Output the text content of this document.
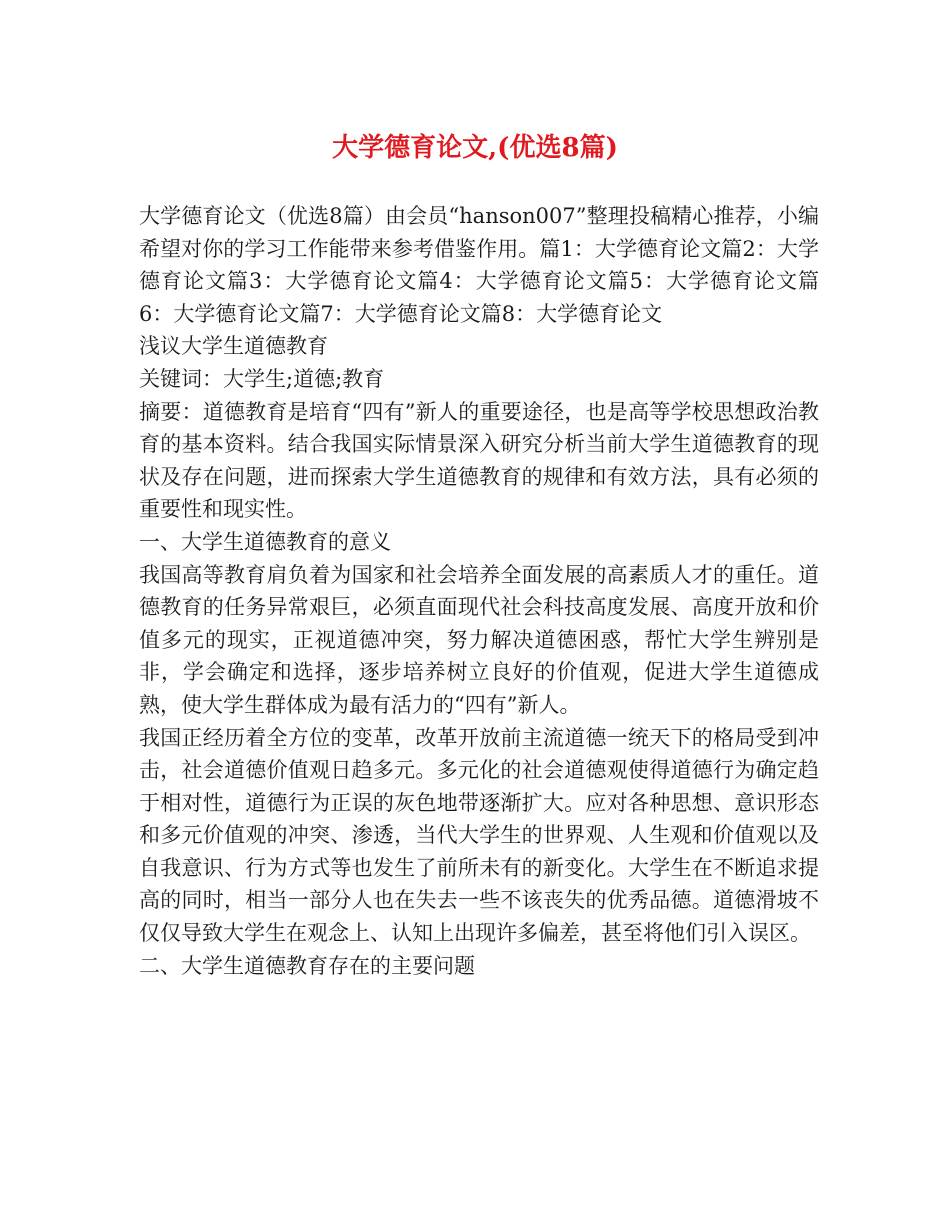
大学德育论文,(优选8篇)

大学德育论文（优选8篇）由会员“hanson007”整理投稿精心推荐，小编希望对你的学习工作能带来参考借鉴作用。篇1：大学德育论文篇2：大学德育论文篇3：大学德育论文篇4：大学德育论文篇5：大学德育论文篇6：大学德育论文篇7：大学德育论文篇8：大学德育论文

浅议大学生道德教育

关键词：大学生;道德;教育

摘要：道德教育是培育“四有”新人的重要途径，也是高等学校思想政治教育的基本资料。结合我国实际情景深入研究分析当前大学生道德教育的现状及存在问题，进而探索大学生道德教育的规律和有效方法，具有必须的重要性和现实性。

一、大学生道德教育的意义

我国高等教育肩负着为国家和社会培养全面发展的高素质人才的重任。道德教育的任务异常艰巨，必须直面现代社会科技高度发展、高度开放和价值多元的现实，正视道德冲突，努力解决道德困惑，帮忙大学生辨别是非，学会确定和选择，逐步培养树立良好的价值观，促进大学生道德成熟，使大学生群体成为最有活力的“四有”新人。

我国正经历着全方位的变革，改革开放前主流道德一统天下的格局受到冲击，社会道德价值观日趋多元。多元化的社会道德观使得道德行为确定趋于相对性，道德行为正误的灰色地带逐渐扩大。应对各种思想、意识形态和多元价值观的冲突、渗透，当代大学生的世界观、人生观和价值观以及自我意识、行为方式等也发生了前所未有的新变化。大学生在不断追求提高的同时，相当一部分人也在失去一些不该丧失的优秀品德。道德滑坡不仅仅导致大学生在观念上、认知上出现许多偏差，甚至将他们引入误区。

二、大学生道德教育存在的主要问题
